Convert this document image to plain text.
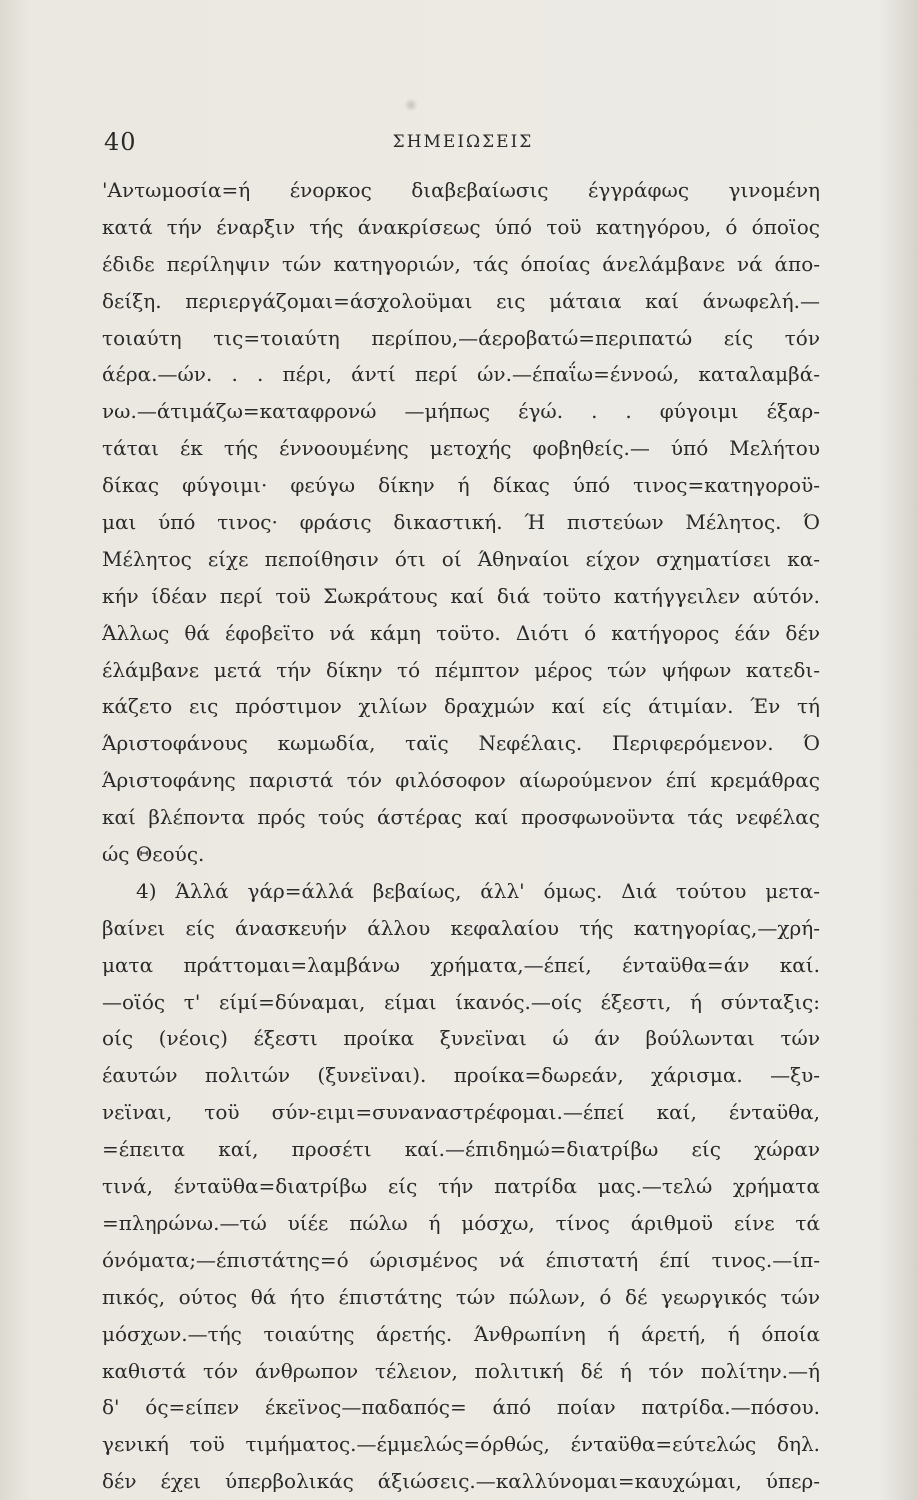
40	ΣΗΜΕΙΩΣΕΙΣ
'Αντωμοσία=ή ένορκος διαβεβαίωσις έγγράφως γινομένη
κατά τήν έναρξιν τής άνακρίσεως ύπό τοϋ κατηγόρου, ό όποϊος
έδιδε περίληψιν τών κατηγοριών, τάς όποίας άνελάμβανε νά άπο-
δείξη. περιεργάζομαι=άσχολοϋμαι εις μάταια καί άνωφελή.—
τοιαύτη τις=τοιαύτη περίπου,—άεροβατώ=περιπατώ είς τόν
άέρα.—ών. . . πέρι, άντί περί ών.—έπαΐω=έννοώ, καταλαμβά-
νω.—άτιμάζω=καταφρονώ —μήπως έγώ. . . φύγοιμι έξαρ-
τάται έκ τής έννοουμένης μετοχής φοβηθείς.— ύπό Μελήτου
δίκας φύγοιμι· φεύγω δίκην ή δίκας ύπό τινος=κατηγοροϋ-
μαι ύπό τινος· φράσις δικαστική. Ή πιστεύων Μέλητος. Ό
Μέλητος είχε πεποίθησιν ότι οί Άθηναίοι είχον σχηματίσει κα-
κήν ίδέαν περί τοϋ Σωκράτους καί διά τοϋτο κατήγγειλεν αύτόν.
Άλλως θά έφοβεϊτο νά κάμη τοϋτο. Διότι ό κατήγορος έάν δέν
έλάμβανε μετά τήν δίκην τό πέμπτον μέρος τών ψήφων κατεδι-
κάζετο εις πρόστιμον χιλίων δραχμών καί είς άτιμίαν. Έν τή
Άριστοφάνους κωμωδία, ταϊς Νεφέλαις. Περιφερόμενον. Ό
Άριστοφάνης παριστά τόν φιλόσοφον αίωρούμενον έπί κρεμάθρας
καί βλέποντα πρός τούς άστέρας καί προσφωνοϋντα τάς νεφέλας
ώς Θεούς.
4) Άλλά γάρ=άλλά βεβαίως, άλλ' όμως. Διά τούτου μετα-
βαίνει είς άνασκευήν άλλου κεφαλαίου τής κατηγορίας,—χρή-
ματα πράττομαι=λαμβάνω χρήματα,—έπεί, ένταϋθα=άν καί.
—οϊός τ' είμί=δύναμαι, είμαι ίκανός.—οίς έξεστι, ή σύνταξις:
οίς (νέοις) έξεστι προίκα ξυνεϊναι ώ άν βούλωνται τών
έαυτών πολιτών (ξυνεϊναι). προίκα=δωρεάν, χάρισμα. —ξυ-
νεϊναι, τοϋ σύν-ειμι=συναναστρέφομαι.—έπεί καί, ένταϋθα,
=έπειτα καί, προσέτι καί.—έπιδημώ=διατρίβω είς χώραν
τινά, ένταϋθα=διατρίβω είς τήν πατρίδα μας.—τελώ χρήματα
=πληρώνω.—τώ υίέε πώλω ή μόσχω, τίνος άριθμοϋ είνε τά
όνόματα;—έπιστάτης=ό ώρισμένος νά έπιστατή έπί τινος.—ίπ-
πικός, ούτος θά ήτο έπιστάτης τών πώλων, ό δέ γεωργικός τών
μόσχων.—τής τοιαύτης άρετής. Άνθρωπίνη ή άρετή, ή όποία
καθιστά τόν άνθρωπον τέλειον, πολιτική δέ ή τόν πολίτην.—ή
δ' ός=είπεν έκεϊνος—παδαπός= άπό ποίαν πατρίδα.—πόσου.
γενική τοϋ τιμήματος.—έμμελώς=όρθώς, ένταϋθα=εύτελώς δηλ.
δέν έχει ύπερβολικάς άξιώσεις.—καλλύνομαι=καυχώμαι, ύπερ-
